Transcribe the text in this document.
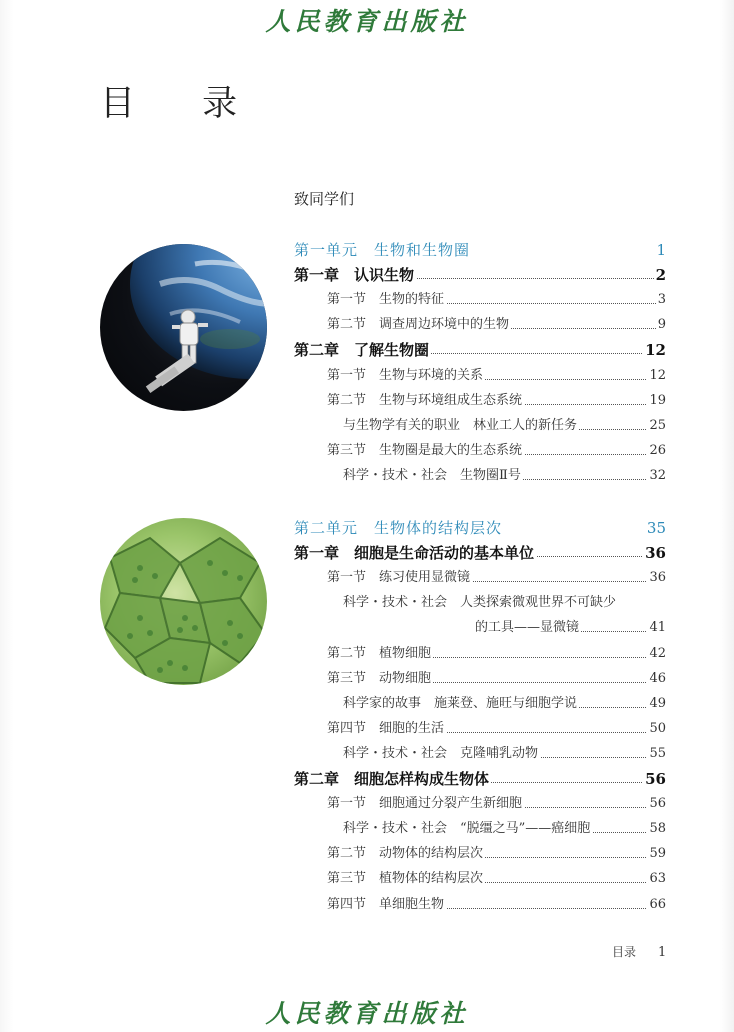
人民教育出版社
目 录
致同学们
第一单元　生物和生物圈	1
第一章　认识生物	2
第一节　生物的特征	3
第二节　调查周边环境中的生物	9
第二章　了解生物圈	12
第一节　生物与环境的关系	12
第二节　生物与环境组成生态系统	19
与生物学有关的职业　林业工人的新任务	25
第三节　生物圈是最大的生态系统	26
科学・技术・社会　生物圈Ⅱ号	32
第二单元　生物体的结构层次	35
第一章　细胞是生命活动的基本单位	36
第一节　练习使用显微镜	36
科学・技术・社会　人类探索微观世界不可缺少
的工具——显微镜	41
第二节　植物细胞	42
第三节　动物细胞	46
科学家的故事　施莱登、施旺与细胞学说	49
第四节　细胞的生活	50
科学・技术・社会　克隆哺乳动物	55
第二章　细胞怎样构成生物体	56
第一节　细胞通过分裂产生新细胞	56
科学・技术・社会　“脱缰之马”——癌细胞	58
第二节　动物体的结构层次	59
第三节　植物体的结构层次	63
第四节　单细胞生物	66
目录 1
人民教育出版社
